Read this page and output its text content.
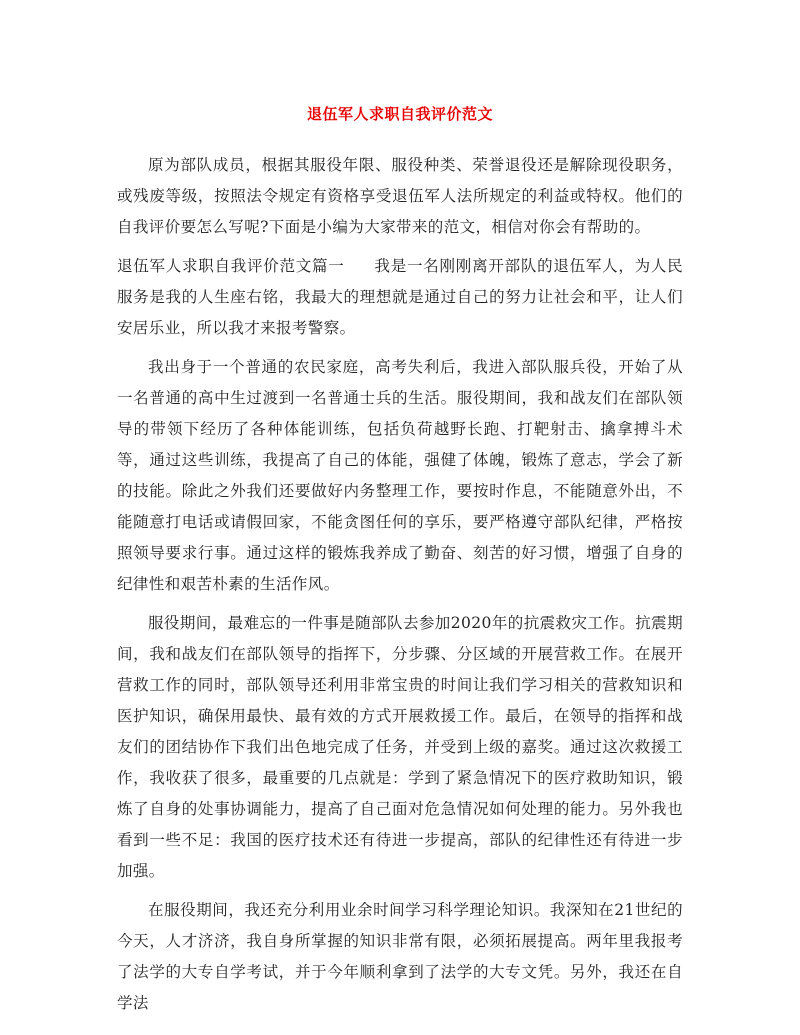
退伍军人求职自我评价范文

原为部队成员，根据其服役年限、服役种类、荣誉退役还是解除现役职务，或残废等级，按照法令规定有资格享受退伍军人法所规定的利益或特权。他们的自我评价要怎么写呢?下面是小编为大家带来的范文，相信对你会有帮助的。

退伍军人求职自我评价范文篇一 我是一名刚刚离开部队的退伍军人，为人民服务是我的人生座右铭，我最大的理想就是通过自己的努力让社会和平，让人们安居乐业，所以我才来报考警察。

我出身于一个普通的农民家庭，高考失利后，我进入部队服兵役，开始了从一名普通的高中生过渡到一名普通士兵的生活。服役期间，我和战友们在部队领导的带领下经历了各种体能训练，包括负荷越野长跑、打靶射击、擒拿搏斗术等，通过这些训练，我提高了自己的体能，强健了体魄，锻炼了意志，学会了新的技能。除此之外我们还要做好内务整理工作，要按时作息，不能随意外出，不能随意打电话或请假回家，不能贪图任何的享乐，要严格遵守部队纪律，严格按照领导要求行事。通过这样的锻炼我养成了勤奋、刻苦的好习惯，增强了自身的纪律性和艰苦朴素的生活作风。

服役期间，最难忘的一件事是随部队去参加2020年的抗震救灾工作。抗震期间，我和战友们在部队领导的指挥下，分步骤、分区域的开展营救工作。在展开营救工作的同时，部队领导还利用非常宝贵的时间让我们学习相关的营救知识和医护知识，确保用最快、最有效的方式开展救援工作。最后，在领导的指挥和战友们的团结协作下我们出色地完成了任务，并受到上级的嘉奖。通过这次救援工作，我收获了很多，最重要的几点就是：学到了紧急情况下的医疗救助知识，锻炼了自身的处事协调能力，提高了自己面对危急情况如何处理的能力。另外我也看到一些不足：我国的医疗技术还有待进一步提高，部队的纪律性还有待进一步加强。

在服役期间，我还充分利用业余时间学习科学理论知识。我深知在21世纪的今天，人才济济，我自身所掌握的知识非常有限，必须拓展提高。两年里我报考了法学的大专自学考试，并于今年顺利拿到了法学的大专文凭。另外，我还在自学法
